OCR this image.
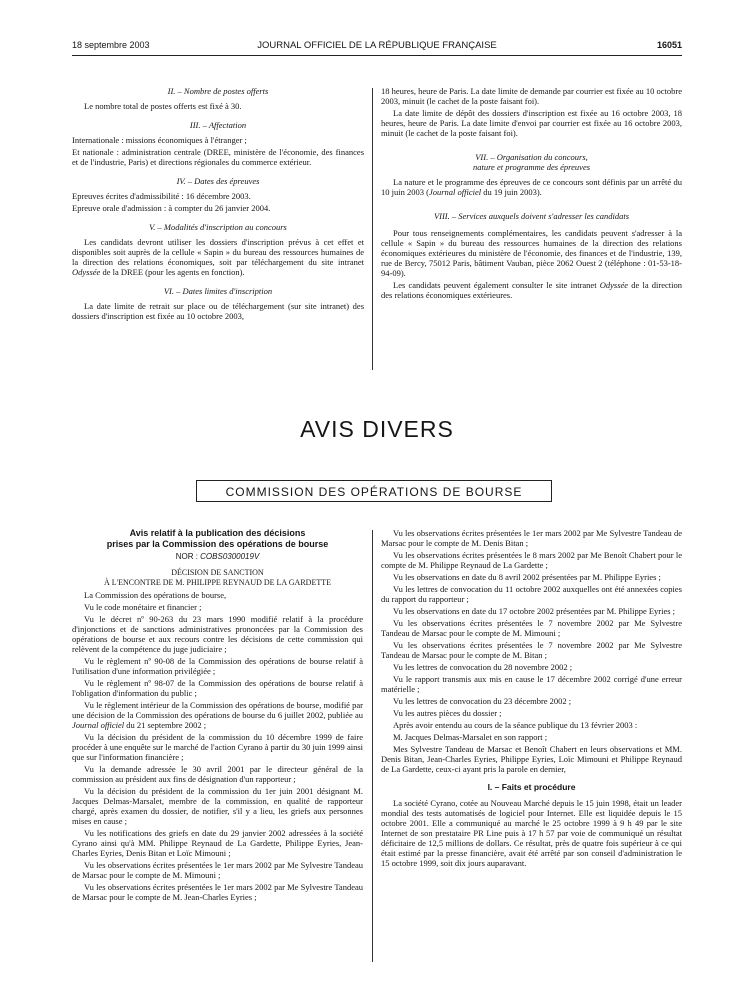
18 septembre 2003	JOURNAL OFFICIEL DE LA RÉPUBLIQUE FRANÇAISE	16051
II. – Nombre de postes offerts

Le nombre total de postes offerts est fixé à 30.

III. – Affectation

Internationale : missions économiques à l'étranger ;

Et nationale : administration centrale (DREE, ministère de l'économie, des finances et de l'industrie, Paris) et directions régionales du commerce extérieur.

IV. – Dates des épreuves

Epreuves écrites d'admissibilité : 16 décembre 2003.

Epreuve orale d'admission : à compter du 26 janvier 2004.

V. – Modalités d'inscription au concours

Les candidats devront utiliser les dossiers d'inscription prévus à cet effet et disponibles soit auprès de la cellule « Sapin » du bureau des ressources humaines de la direction des relations économiques, soit par téléchargement du site intranet Odyssée de la DREE (pour les agents en fonction).

VI. – Dates limites d'inscription

La date limite de retrait sur place ou de téléchargement (sur site intranet) des dossiers d'inscription est fixée au 10 octobre 2003,

18 heures, heure de Paris. La date limite de demande par courrier est fixée au 10 octobre 2003, minuit (le cachet de la poste faisant foi).

La date limite de dépôt des dossiers d'inscription est fixée au 16 octobre 2003, 18 heures, heure de Paris. La date limite d'envoi par courrier est fixée au 16 octobre 2003, minuit (le cachet de la poste faisant foi).

VII. – Organisation du concours,
nature et programme des épreuves

La nature et le programme des épreuves de ce concours sont définis par un arrêté du 10 juin 2003 (Journal officiel du 19 juin 2003).

VIII. – Services auxquels doivent s'adresser les candidats

Pour tous renseignements complémentaires, les candidats peuvent s'adresser à la cellule « Sapin » du bureau des ressources humaines de la direction des relations économiques extérieures du ministère de l'économie, des finances et de l'industrie, 139, rue de Bercy, 75012 Paris, bâtiment Vauban, pièce 2062 Ouest 2 (téléphone : 01-53-18-94-09).

Les candidats peuvent également consulter le site intranet Odyssée de la direction des relations économiques extérieures.

AVIS DIVERS
COMMISSION DES OPÉRATIONS DE BOURSE
Avis relatif à la publication des décisions
prises par la Commission des opérations de bourse
NOR : COBS0300019V
DÉCISION DE SANCTION
À L'ENCONTRE DE M. PHILIPPE REYNAUD DE LA GARDETTE

La Commission des opérations de bourse,

Vu le code monétaire et financier ;

Vu le décret nº 90-263 du 23 mars 1990 modifié relatif à la procédure d'injonctions et de sanctions administratives prononcées par la Commission des opérations de bourse et aux recours contre les décisions de cette commission qui relèvent de la compétence du juge judiciaire ;

Vu le règlement nº 90-08 de la Commission des opérations de bourse relatif à l'utilisation d'une information privilégiée ;

Vu le règlement nº 98-07 de la Commission des opérations de bourse relatif à l'obligation d'information du public ;

Vu le règlement intérieur de la Commission des opérations de bourse, modifié par une décision de la Commission des opérations de bourse du 6 juillet 2002, publiée au Journal officiel du 21 septembre 2002 ;

Vu la décision du président de la commission du 10 décembre 1999 de faire procéder à une enquête sur le marché de l'action Cyrano à partir du 30 juin 1999 ainsi que sur l'information financière ;

Vu la demande adressée le 30 avril 2001 par le directeur général de la commission au président aux fins de désignation d'un rapporteur ;

Vu la décision du président de la commission du 1er juin 2001 désignant M. Jacques Delmas-Marsalet, membre de la commission, en qualité de rapporteur chargé, après examen du dossier, de notifier, s'il y a lieu, les griefs aux personnes mises en cause ;

Vu les notifications des griefs en date du 29 janvier 2002 adressées à la société Cyrano ainsi qu'à MM. Philippe Reynaud de La Gardette, Philippe Eyries, Jean-Charles Eyries, Denis Bitan et Loïc Mimouni ;

Vu les observations écrites présentées le 1er mars 2002 par Me Sylvestre Tandeau de Marsac pour le compte de M. Mimouni ;

Vu les observations écrites présentées le 1er mars 2002 par Me Sylvestre Tandeau de Marsac pour le compte de M. Jean-Charles Eyries ;

Vu les observations écrites présentées le 1er mars 2002 par Me Sylvestre Tandeau de Marsac pour le compte de M. Denis Bitan ;

Vu les observations écrites présentées le 8 mars 2002 par Me Benoît Chabert pour le compte de M. Philippe Reynaud de La Gardette ;

Vu les observations en date du 8 avril 2002 présentées par M. Philippe Eyries ;

Vu les lettres de convocation du 11 octobre 2002 auxquelles ont été annexées copies du rapport du rapporteur ;

Vu les observations en date du 17 octobre 2002 présentées par M. Philippe Eyries ;

Vu les observations écrites présentées le 7 novembre 2002 par Me Sylvestre Tandeau de Marsac pour le compte de M. Mimouni ;

Vu les observations écrites présentées le 7 novembre 2002 par Me Sylvestre Tandeau de Marsac pour le compte de M. Bitan ;

Vu les lettres de convocation du 28 novembre 2002 ;

Vu le rapport transmis aux mis en cause le 17 décembre 2002 corrigé d'une erreur matérielle ;

Vu les lettres de convocation du 23 décembre 2002 ;

Vu les autres pièces du dossier ;

Après avoir entendu au cours de la séance publique du 13 février 2003 :

M. Jacques Delmas-Marsalet en son rapport ;

Mes Sylvestre Tandeau de Marsac et Benoît Chabert en leurs observations et MM. Denis Bitan, Jean-Charles Eyries, Philippe Eyries, Loïc Mimouni et Philippe Reynaud de La Gardette, ceux-ci ayant pris la parole en dernier,

I. – Faits et procédure

La société Cyrano, cotée au Nouveau Marché depuis le 15 juin 1998, était un leader mondial des tests automatisés de logiciel pour Internet. Elle est liquidée depuis le 15 octobre 2001. Elle a communiqué au marché le 25 octobre 1999 à 9 h 49 par le site Internet de son prestataire PR Line puis à 17 h 57 par voie de communiqué un résultat déficitaire de 12,5 millions de dollars. Ce résultat, près de quatre fois supérieur à ce qui était estimé par la presse financière, avait été arrêté par son conseil d'administration le 15 octobre 1999, soit dix jours auparavant.
